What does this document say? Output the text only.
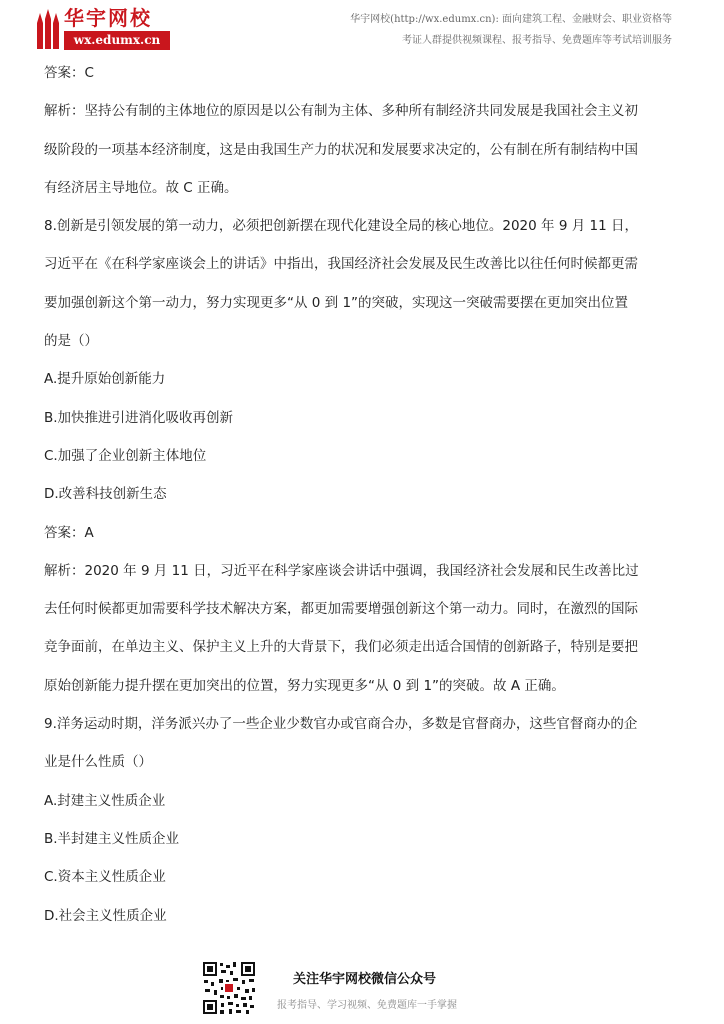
华宇网校
wx.edumx.cn
华宇网校(http://wx.edumx.cn): 面向建筑工程、金融财会、职业资格等
考证人群提供视频课程、报考指导、免费题库等考试培训服务
答案：C
解析：坚持公有制的主体地位的原因是以公有制为主体、多种所有制经济共同发展是我国社会主义初
级阶段的一项基本经济制度，这是由我国生产力的状况和发展要求决定的，公有制在所有制结构中国
有经济居主导地位。故 C 正确。
8.创新是引领发展的第一动力，必须把创新摆在现代化建设全局的核心地位。2020 年 9 月 11 日，
习近平在《在科学家座谈会上的讲话》中指出，我国经济社会发展及民生改善比以往任何时候都更需
要加强创新这个第一动力，努力实现更多“从 0 到 1”的突破，实现这一突破需要摆在更加突出位置
的是（）
A.提升原始创新能力
B.加快推进引进消化吸收再创新
C.加强了企业创新主体地位
D.改善科技创新生态
答案：A
解析：2020 年 9 月 11 日，习近平在科学家座谈会讲话中强调，我国经济社会发展和民生改善比过
去任何时候都更加需要科学技术解决方案，都更加需要增强创新这个第一动力。同时，在激烈的国际
竞争面前，在单边主义、保护主义上升的大背景下，我们必须走出适合国情的创新路子，特别是要把
原始创新能力提升摆在更加突出的位置，努力实现更多“从 0 到 1”的突破。故 A 正确。
9.洋务运动时期，洋务派兴办了一些企业少数官办或官商合办，多数是官督商办，这些官督商办的企
业是什么性质（）
A.封建主义性质企业
B.半封建主义性质企业
C.资本主义性质企业
D.社会主义性质企业
关注华宇网校微信公众号
报考指导、学习视频、免费题库一手掌握
